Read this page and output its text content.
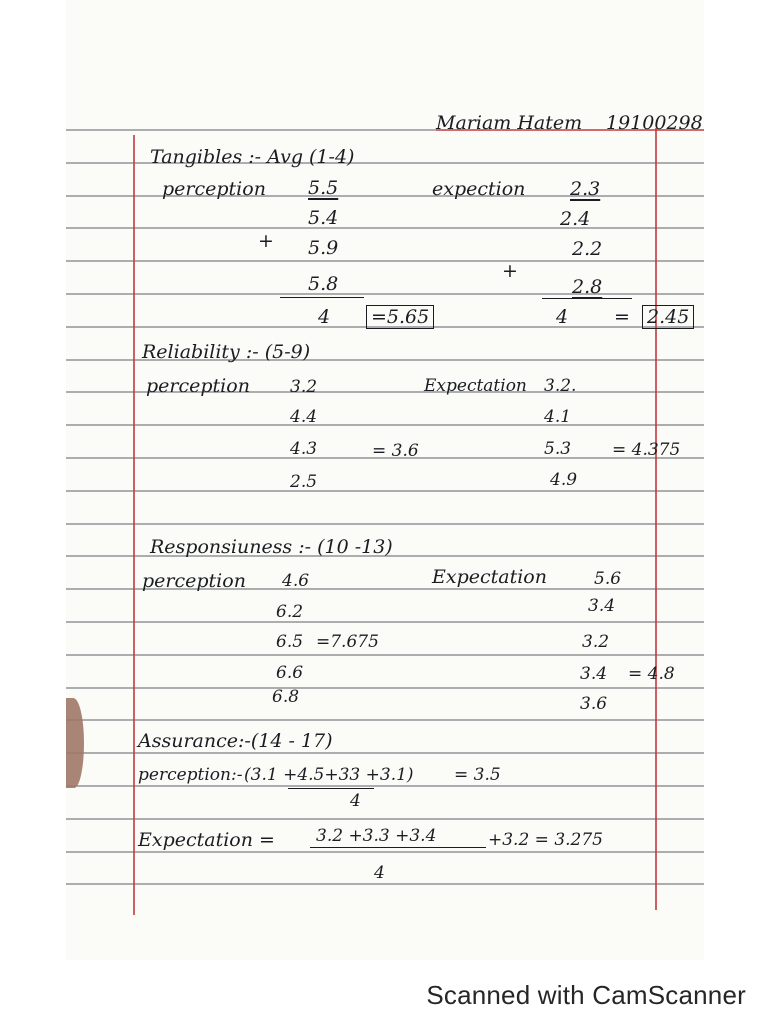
Mariam Hatem 19100298
Tangibles :- Avg (1-4)
perception 5.5
5.4
+ 5.9
5.8
4 =5.65
expection 2.3
2.4
2.2
+
2.8
4 = 2.45
Reliability :- (5-9)
perception 3.2
4.4
4.3
2.5
= 3.6
Expectation 3.2.
4.1
5.3
4.9
= 4.375
Responsiuness :- (10 -13)
perception 4.6
6.2
6.5 =7.675
6.6
6.8
Expectation	5.6
3.4
3.2
3.4 = 4.8
3.6
Assurance:-(14 - 17)
perception:- (3.1 +4.5+33 +3.1)
4
= 3.5
Expectation = 3.2 +3.3 +3.4	+3.2 = 3.275
4
Scanned with CamScanner
